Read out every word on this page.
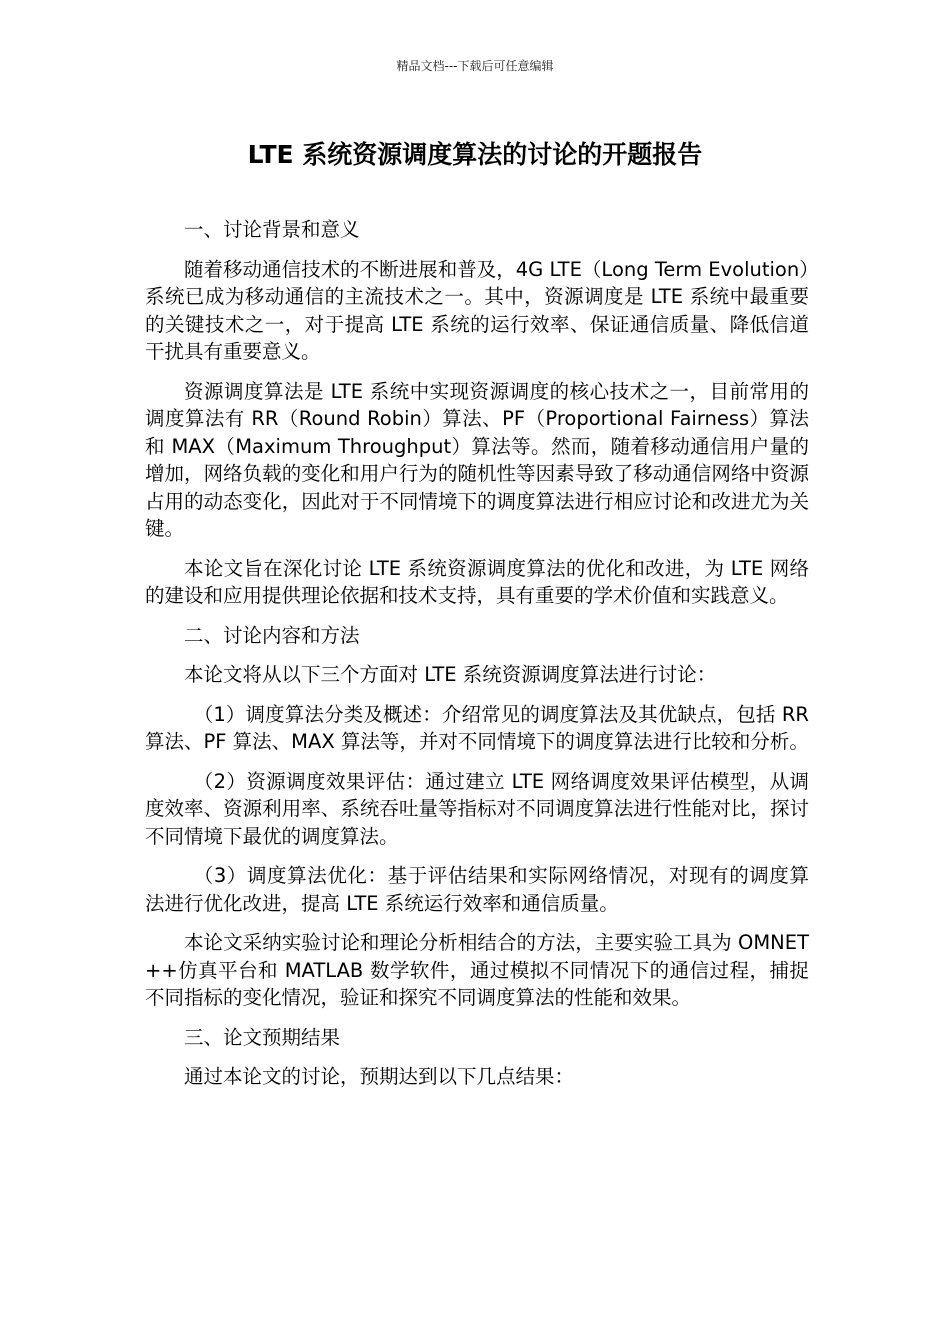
精品文档---下载后可任意编辑
LTE 系统资源调度算法的讨论的开题报告

一、讨论背景和意义

随着移动通信技术的不断进展和普及，4G LTE（Long Term Evolution）系统已成为移动通信的主流技术之一。其中，资源调度是 LTE 系统中最重要的关键技术之一，对于提高 LTE 系统的运行效率、保证通信质量、降低信道干扰具有重要意义。

资源调度算法是 LTE 系统中实现资源调度的核心技术之一，目前常用的调度算法有 RR（Round Robin）算法、PF（Proportional Fairness）算法和 MAX（Maximum Throughput）算法等。然而，随着移动通信用户量的增加，网络负载的变化和用户行为的随机性等因素导致了移动通信网络中资源占用的动态变化，因此对于不同情境下的调度算法进行相应讨论和改进尤为关键。

本论文旨在深化讨论 LTE 系统资源调度算法的优化和改进，为 LTE 网络的建设和应用提供理论依据和技术支持，具有重要的学术价值和实践意义。

二、讨论内容和方法

本论文将从以下三个方面对 LTE 系统资源调度算法进行讨论：

（1）调度算法分类及概述：介绍常见的调度算法及其优缺点，包括 RR 算法、PF 算法、MAX 算法等，并对不同情境下的调度算法进行比较和分析。

（2）资源调度效果评估：通过建立 LTE 网络调度效果评估模型，从调度效率、资源利用率、系统吞吐量等指标对不同调度算法进行性能对比，探讨不同情境下最优的调度算法。

（3）调度算法优化：基于评估结果和实际网络情况，对现有的调度算法进行优化改进，提高 LTE 系统运行效率和通信质量。

本论文采纳实验讨论和理论分析相结合的方法，主要实验工具为 OMNET++仿真平台和 MATLAB 数学软件，通过模拟不同情况下的通信过程，捕捉不同指标的变化情况，验证和探究不同调度算法的性能和效果。

三、论文预期结果

通过本论文的讨论，预期达到以下几点结果：
